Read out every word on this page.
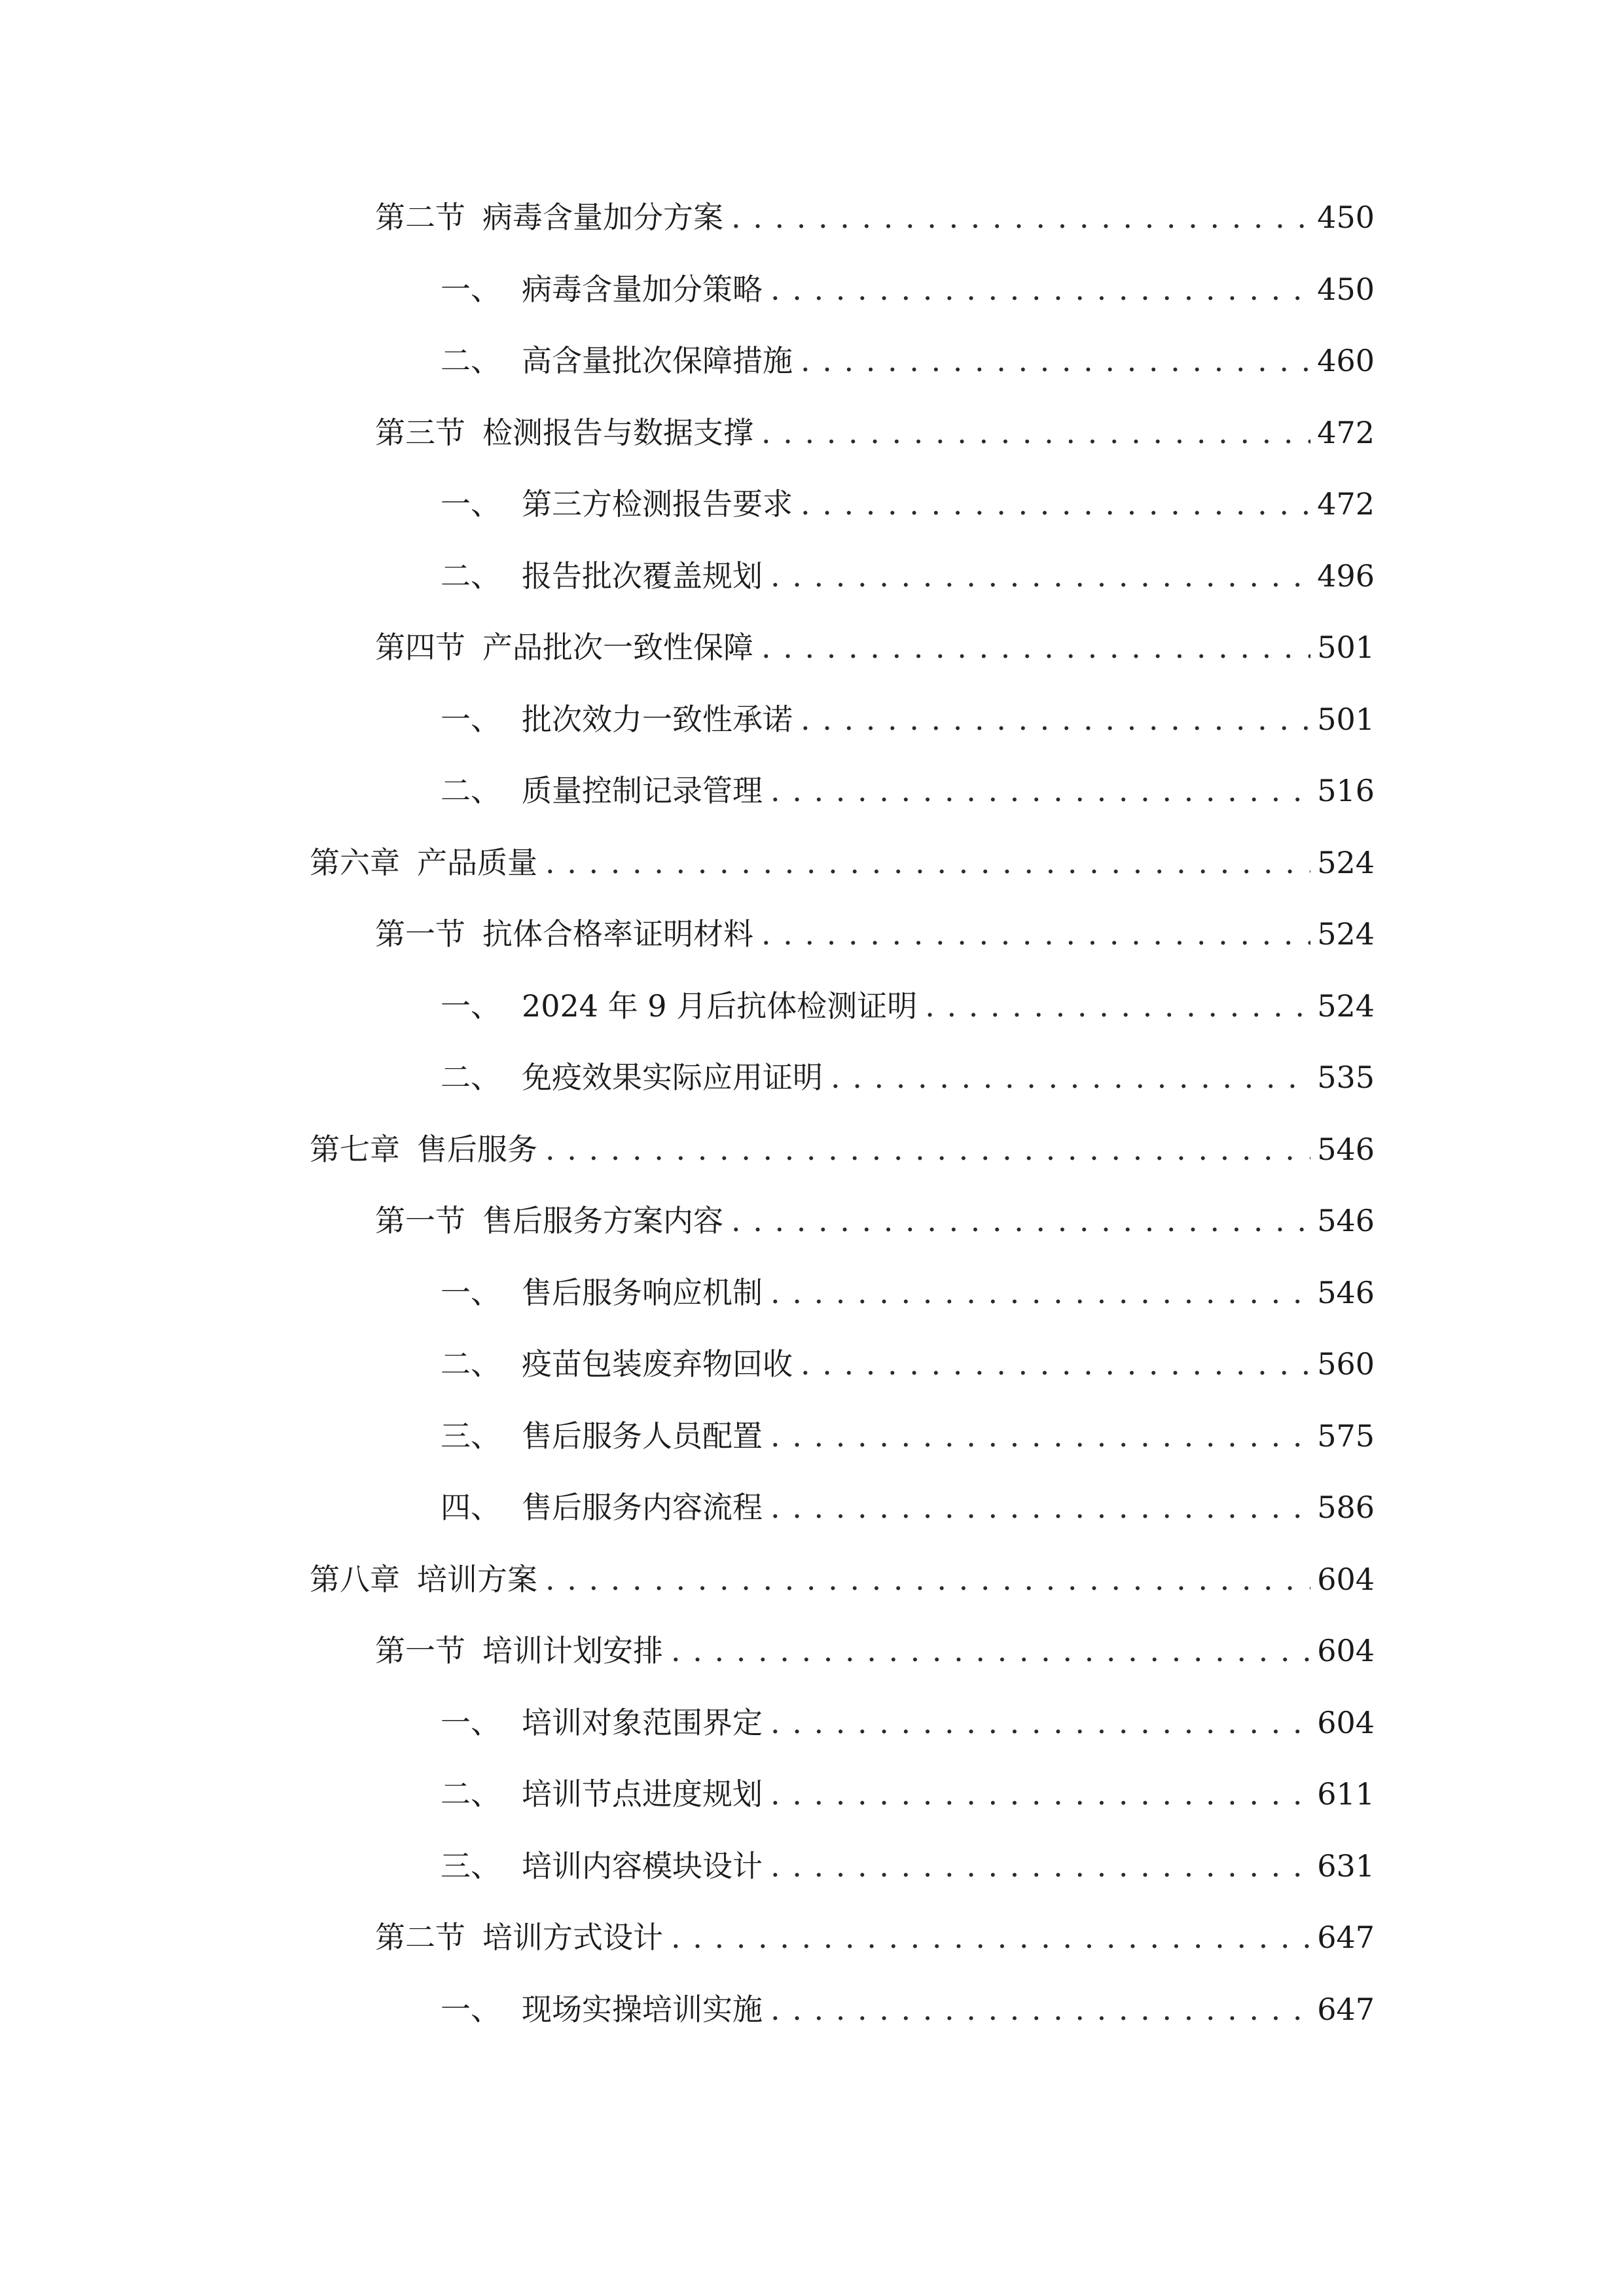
第二节 病毒含量加分方案 . . .	450
一、 病毒含量加分策略 . . .	450
二、 高含量批次保障措施 . . .	460
第三节 检测报告与数据支撑 . . .	472
一、 第三方检测报告要求 . . .	472
二、 报告批次覆盖规划 . . .	496
第四节 产品批次一致性保障 . . .	501
一、 批次效力一致性承诺 . . .	501
二、 质量控制记录管理 . . .	516
第六章 产品质量 . . .	524
第一节 抗体合格率证明材料 . . .	524
一、 2024 年 9 月后抗体检测证明 . . .	524
二、 免疫效果实际应用证明 . . .	535
第七章 售后服务 . . .	546
第一节 售后服务方案内容 . . .	546
一、 售后服务响应机制 . . .	546
二、 疫苗包装废弃物回收 . . .	560
三、 售后服务人员配置 . . .	575
四、 售后服务内容流程 . . .	586
第八章 培训方案 . . .	604
第一节 培训计划安排 . . .	604
一、 培训对象范围界定 . . .	604
二、 培训节点进度规划 . . .	611
三、 培训内容模块设计 . . .	631
第二节 培训方式设计 . . .	647
一、 现场实操培训实施 . . .	647
